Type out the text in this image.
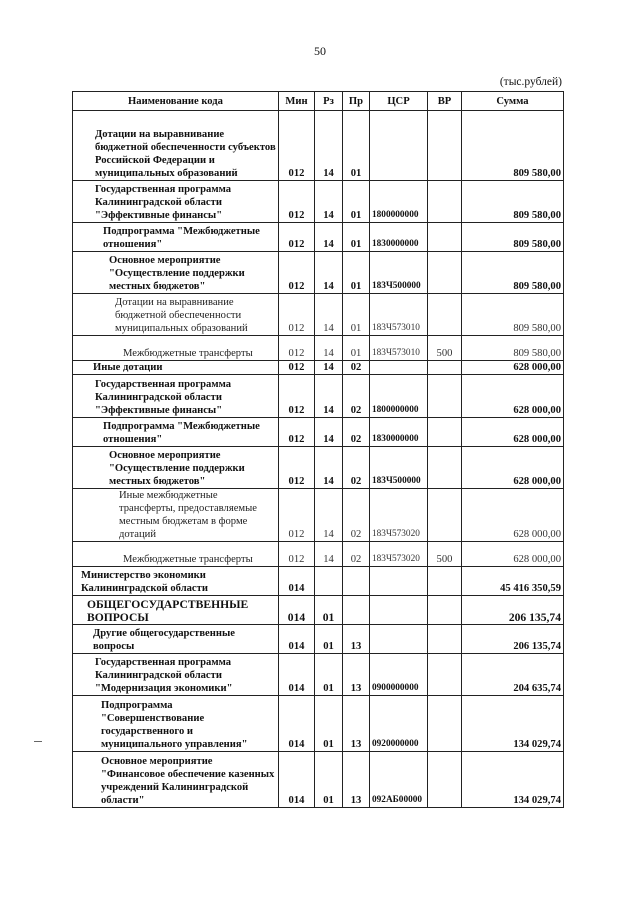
50
(тыс.рублей)
Наименование кода	Мин	Рз	Пр	ЦСР	ВР	Сумма
Дотации на выравнивание бюджетной обеспеченности субъектов Российской Федерации и муниципальных образований	012	14	01			809 580,00
Государственная программа Калининградской области "Эффективные финансы"	012	14	01	1800000000		809 580,00
Подпрограмма "Межбюджетные отношения"	012	14	01	1830000000		809 580,00
Основное мероприятие "Осуществление поддержки местных бюджетов"	012	14	01	183Ч500000		809 580,00
Дотации на выравнивание бюджетной обеспеченности муниципальных образований	012	14	01	183Ч573010		809 580,00
Межбюджетные трансферты	012	14	01	183Ч573010	500	809 580,00
Иные дотации	012	14	02			628 000,00
Государственная программа Калининградской области "Эффективные финансы"	012	14	02	1800000000		628 000,00
Подпрограмма "Межбюджетные отношения"	012	14	02	1830000000		628 000,00
Основное мероприятие "Осуществление поддержки местных бюджетов"	012	14	02	183Ч500000		628 000,00
Иные межбюджетные трансферты, предоставляемые местным бюджетам в форме дотаций	012	14	02	183Ч573020		628 000,00
Межбюджетные трансферты	012	14	02	183Ч573020	500	628 000,00
Министерство экономики Калининградской области	014					45 416 350,59
ОБЩЕГОСУДАРСТВЕННЫЕ ВОПРОСЫ	014	01				206 135,74
Другие общегосударственные вопросы	014	01	13			206 135,74
Государственная программа Калининградской области "Модернизация экономики"	014	01	13	0900000000		204 635,74
Подпрограмма "Совершенствование государственного и муниципального управления"	014	01	13	0920000000		134 029,74
Основное мероприятие "Финансовое обеспечение казенных учреждений Калининградской области"	014	01	13	092АБ00000		134 029,74
